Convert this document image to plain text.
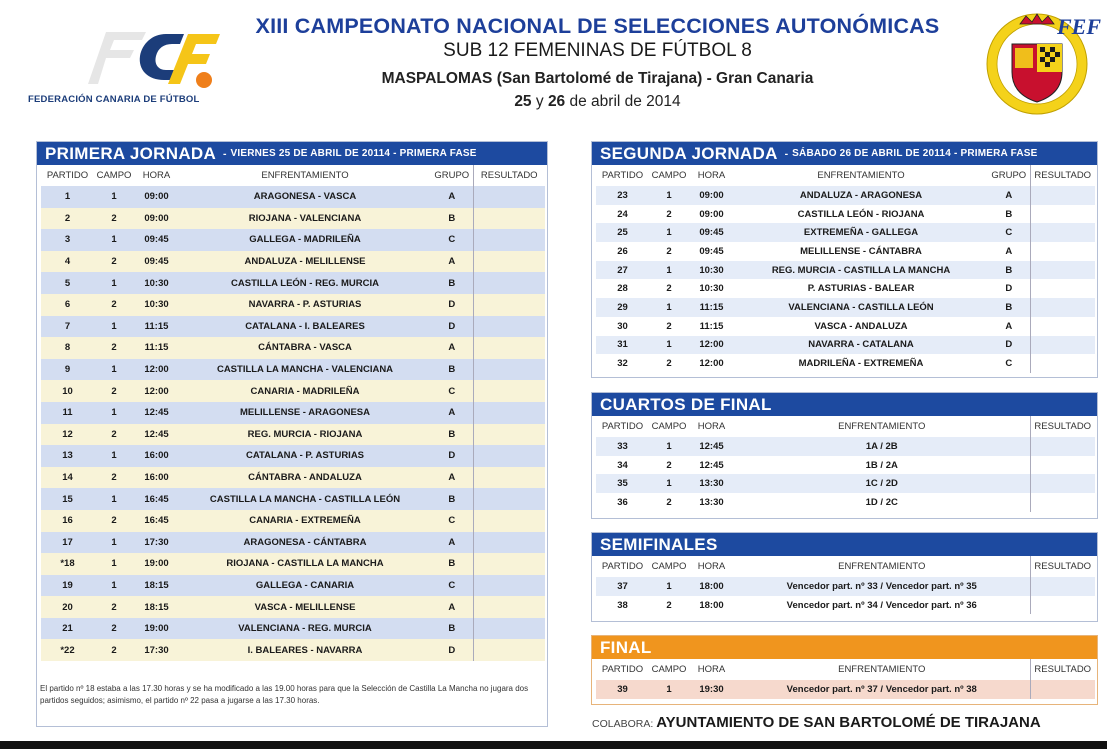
FEDERACIÓN CANARIA DE FÚTBOL
XIII CAMPEONATO NACIONAL DE SELECCIONES AUTONÓMICAS
SUB 12 FEMENINAS DE FÚTBOL 8
MASPALOMAS (San Bartolomé de Tirajana) - Gran Canaria
25 y 26 de abril de 2014
FEF
PRIMERA JORNADA - VIERNES 25 DE ABRIL DE 20114 - PRIMERA FASE
PARTIDO	CAMPO	HORA	ENFRENTAMIENTO	GRUPO	RESULTADO
1	1	09:00	ARAGONESA - VASCA	A	
2	2	09:00	RIOJANA - VALENCIANA	B	
3	1	09:45	GALLEGA - MADRILEÑA	C	
4	2	09:45	ANDALUZA - MELILLENSE	A	
5	1	10:30	CASTILLA LEÓN - REG. MURCIA	B	
6	2	10:30	NAVARRA - P. ASTURIAS	D	
7	1	11:15	CATALANA - I. BALEARES	D	
8	2	11:15	CÁNTABRA - VASCA	A	
9	1	12:00	CASTILLA LA MANCHA - VALENCIANA	B	
10	2	12:00	CANARIA - MADRILEÑA	C	
11	1	12:45	MELILLENSE - ARAGONESA	A	
12	2	12:45	REG. MURCIA - RIOJANA	B	
13	1	16:00	CATALANA - P. ASTURIAS	D	
14	2	16:00	CÁNTABRA - ANDALUZA	A	
15	1	16:45	CASTILLA LA MANCHA - CASTILLA LEÓN	B	
16	2	16:45	CANARIA - EXTREMEÑA	C	
17	1	17:30	ARAGONESA - CÁNTABRA	A	
*18	1	19:00	RIOJANA - CASTILLA LA MANCHA	B	
19	1	18:15	GALLEGA - CANARIA	C	
20	2	18:15	VASCA - MELILLENSE	A	
21	2	19:00	VALENCIANA - REG. MURCIA	B	
*22	2	17:30	I. BALEARES - NAVARRA	D	
El partido nº 18 estaba a las 17.30 horas y se ha modificado a las 19.00 horas para que la Selección de Castilla La Mancha no jugara dos partidos seguidos; asimismo, el partido nº 22 pasa a jugarse a las 17.30 horas.
SEGUNDA JORNADA - SÁBADO 26 DE ABRIL DE 20114 - PRIMERA FASE
PARTIDO	CAMPO	HORA	ENFRENTAMIENTO	GRUPO	RESULTADO
23	1	09:00	ANDALUZA - ARAGONESA	A	
24	2	09:00	CASTILLA LEÓN - RIOJANA	B	
25	1	09:45	EXTREMEÑA - GALLEGA	C	
26	2	09:45	MELILLENSE - CÁNTABRA	A	
27	1	10:30	REG. MURCIA - CASTILLA LA MANCHA	B	
28	2	10:30	P. ASTURIAS - BALEAR	D	
29	1	11:15	VALENCIANA - CASTILLA LEÓN	B	
30	2	11:15	VASCA - ANDALUZA	A	
31	1	12:00	NAVARRA - CATALANA	D	
32	2	12:00	MADRILEÑA - EXTREMEÑA	C	
CUARTOS DE FINAL
PARTIDO	CAMPO	HORA	ENFRENTAMIENTO	RESULTADO
33	1	12:45	1A / 2B	
34	2	12:45	1B / 2A	
35	1	13:30	1C / 2D	
36	2	13:30	1D / 2C	
SEMIFINALES
PARTIDO	CAMPO	HORA	ENFRENTAMIENTO	RESULTADO
37	1	18:00	Vencedor part. nº 33 / Vencedor part. nº 35	
38	2	18:00	Vencedor part. nº 34 / Vencedor part. nº 36	
FINAL
PARTIDO	CAMPO	HORA	ENFRENTAMIENTO	RESULTADO
39	1	19:30	Vencedor part. nº 37 / Vencedor part. nº 38	
COLABORA: AYUNTAMIENTO DE SAN BARTOLOMÉ DE TIRAJANA
